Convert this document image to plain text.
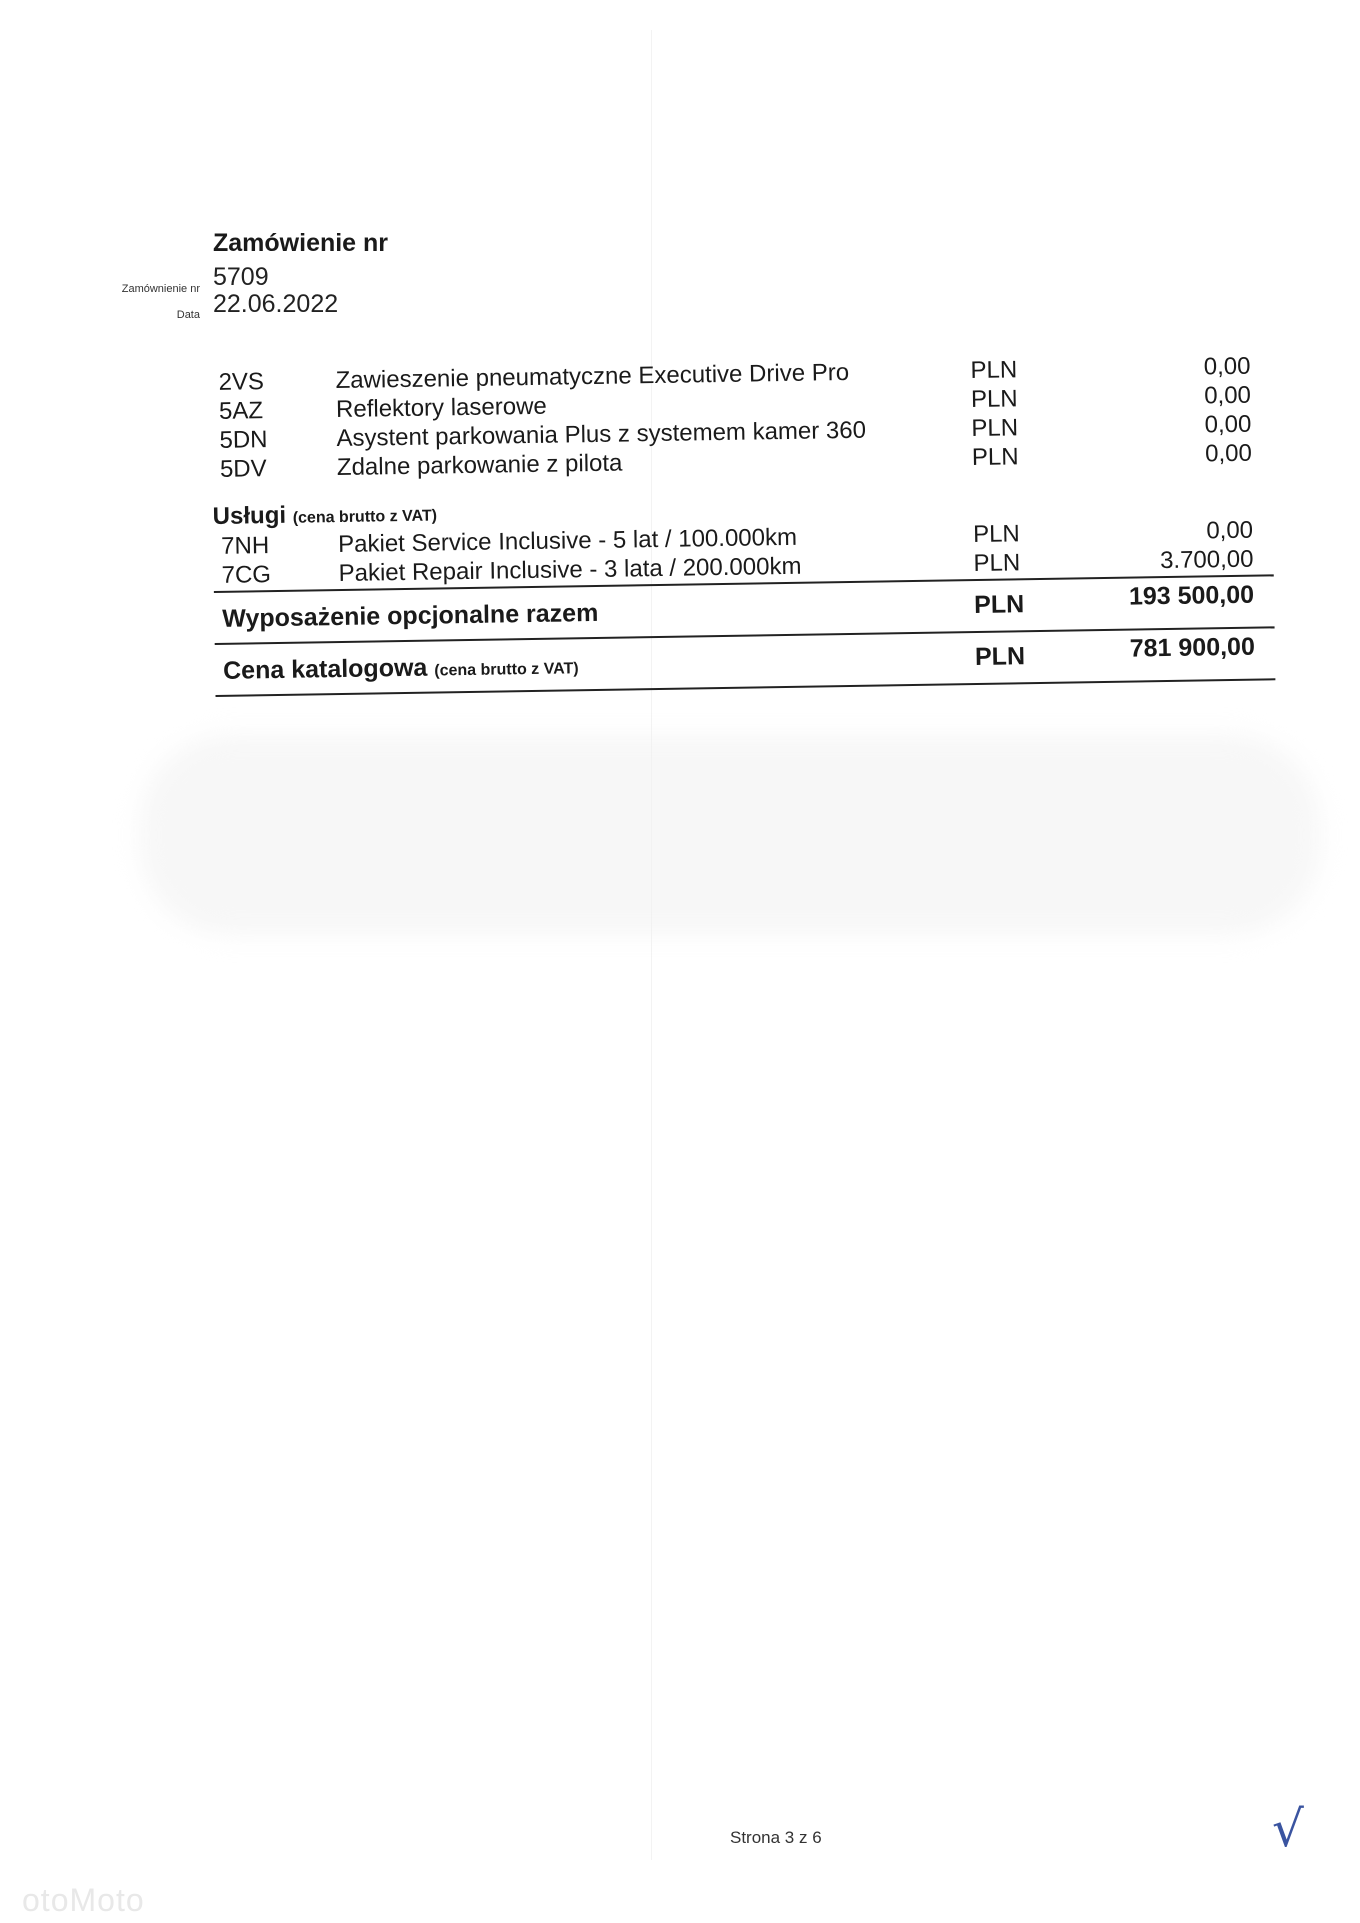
Zamówienie nr
Zamównienie nr 5709
Data 22.06.2022
2VS	Zawieszenie pneumatyczne Executive Drive Pro	PLN	0,00
5AZ	Reflektory laserowe	PLN	0,00
5DN	Asystent parkowania Plus z systemem kamer 360	PLN	0,00
5DV	Zdalne parkowanie z pilota	PLN	0,00
Usługi (cena brutto z VAT)
7NH	Pakiet Service Inclusive - 5 lat / 100.000km	PLN	0,00
7CG	Pakiet Repair Inclusive - 3 lata / 200.000km	PLN	3.700,00
Wyposażenie opcjonalne razem	PLN	193 500,00
Cena katalogowa (cena brutto z VAT)	PLN	781 900,00
Strona 3 z 6	√
otoMoto
